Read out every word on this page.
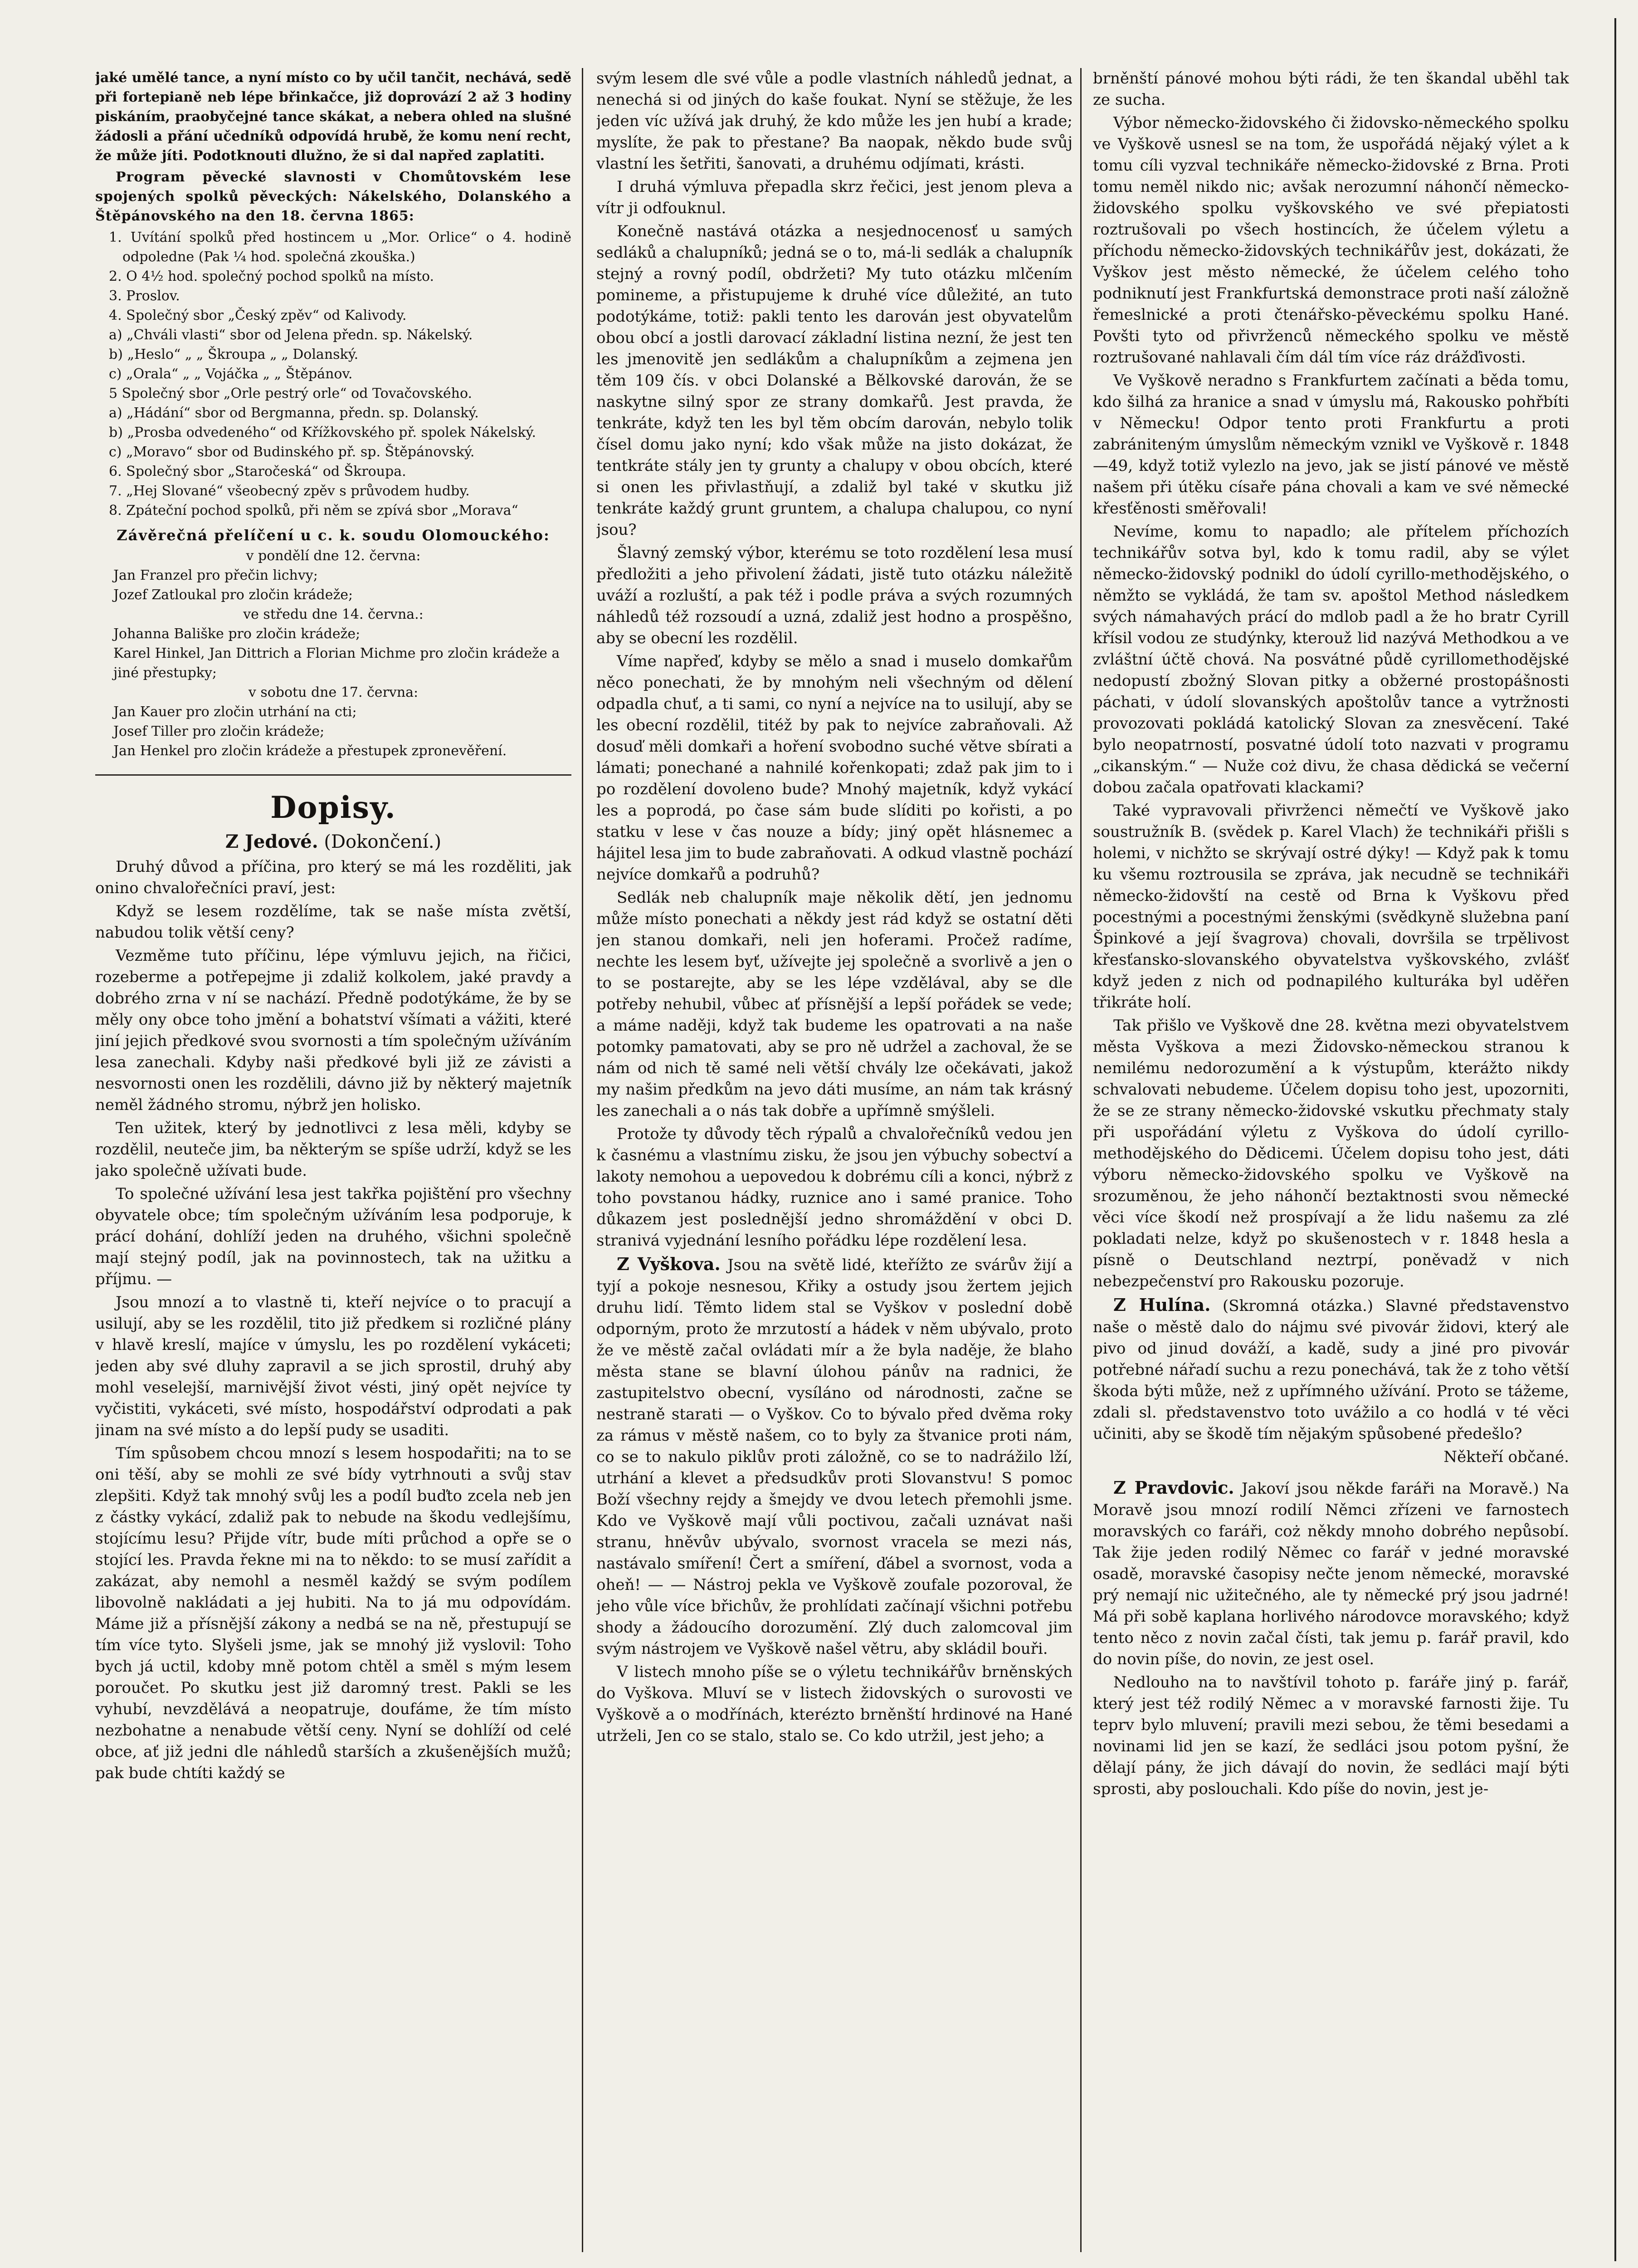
jaké umělé tance, a nyní místo co by učil tančit, nechává, sedě při fortepianě neb lépe břinkačce, již doprovází 2 až 3 hodiny piskáním, praobyčejné tance skákat, a nebera ohled na slušné žádosli a přání učedníků odpovídá hrubě, že komu není recht, že může jíti. Podotknouti dlužno, že si dal napřed zaplatiti.

Program pěvecké slavnosti v Chomůtovském lese spojených spolků pěveckých: Nákelského, Dolanského a Štěpánovského na den 18. června 1865:

1. Uvítání spolků před hostincem u „Mor. Orlice“ o 4. hodině odpoledne (Pak ¼ hod. společná zkouška.)
2. O 4½ hod. společný pochod spolků na místo.
3. Proslov.
4. Společný sbor „Český zpěv“ od Kalivody.
a) „Chváli vlasti“ sbor od Jelena předn. sp. Nákelský.
b) „Heslo“ „ „ Škroupa „ „ Dolanský.
c) „Orala“ „ „ Vojáčka „ „ Štěpánov.
5 Společný sbor „Orle pestrý orle“ od Tovačovského.
a) „Hádání“ sbor od Bergmanna, předn. sp. Dolanský.
b) „Prosba odvedeného“ od Křížkovského př. spolek Nákelský.
c) „Moravo“ sbor od Budinského př. sp. Štěpánovský.
6. Společný sbor „Staročeská“ od Škroupa.
7. „Hej Slované“ všeobecný zpěv s průvodem hudby.
8. Zpáteční pochod spolků, při něm se zpívá sbor „Morava“
Závěrečná přelíčení u c. k. soudu Olomouckého:
v pondělí dne 12. června:
Jan Franzel pro přečin lichvy;
Jozef Zatloukal pro zločin krádeže;
ve středu dne 14. června.:
Johanna Bališke pro zločin krádeže;
Karel Hinkel, Jan Dittrich a Florian Michme pro zločin krádeže a jiné přestupky;
v sobotu dne 17. června:
Jan Kauer pro zločin utrhání na cti;
Josef Tiller pro zločin krádeže;
Jan Henkel pro zločin krádeže a přestupek zpronevěření.
Dopisy.
Z Jedové. (Dokončení.)

Druhý důvod a příčina, pro který se má les rozděliti, jak onino chvalořečníci praví, jest:

Když se lesem rozdělíme, tak se naše místa zvětší, nabudou tolik větší ceny?

Vezměme tuto příčinu, lépe výmluvu jejich, na řičici, rozeberme a potřepejme ji zdaliž kolkolem, jaké pravdy a dobrého zrna v ní se nachází. Předně podotýkáme, že by se měly ony obce toho jmění a bohatství všímati a vážiti, které jiní jejich předkové svou svornosti a tím společným užíváním lesa zanechali. Kdyby naši předkové byli již ze závisti a nesvornosti onen les rozdělili, dávno již by některý majetník neměl žádného stromu, nýbrž jen holisko.

Ten užitek, který by jednotlivci z lesa měli, kdyby se rozdělil, neuteče jim, ba některým se spíše udrží, když se les jako společně užívati bude.

To společné užívání lesa jest takřka pojištění pro všechny obyvatele obce; tím společným užíváním lesa podporuje, k prácí dohání, dohlíží jeden na druhého, všichni společně mají stejný podíl, jak na povinnostech, tak na užitku a příjmu. —

Jsou mnozí a to vlastně ti, kteří nejvíce o to pracují a usilují, aby se les rozdělil, tito již předkem si rozličné plány v hlavě kreslí, majíce v úmyslu, les po rozdělení vykáceti; jeden aby své dluhy zapravil a se jich sprostil, druhý aby mohl veselejší, marnivější život vésti, jiný opět nejvíce ty vyčistiti, vykáceti, své místo, hospodářství odprodati a pak jinam na své místo a do lepší pudy se usaditi.

Tím spůsobem chcou mnozí s lesem hospodařiti; na to se oni těší, aby se mohli ze své bídy vytrhnouti a svůj stav zlepšiti. Když tak mnohý svůj les a podíl buďto zcela neb jen z částky vykácí, zdaliž pak to nebude na škodu vedlejšímu, stojícímu lesu? Přijde vítr, bude míti průchod a opře se o stojící les. Pravda řekne mi na to někdo: to se musí zařídit a zakázat, aby nemohl a nesměl každý se svým podílem libovolně nakládati a jej hubiti. Na to já mu odpovídám. Máme již a přísnější zákony a nedbá se na ně, přestupují se tím více tyto. Slyšeli jsme, jak se mnohý již vyslovil: Toho bych já uctil, kdoby mně potom chtěl a směl s mým lesem poroučet. Po skutku jest již daromný trest. Pakli se les vyhubí, nevzdělává a neopatruje, doufáme, že tím místo nezbohatne a nenabude větší ceny. Nyní se dohlíží od celé obce, ať již jedni dle náhledů starších a zkušenějších mužů; pak bude chtíti každý se

svým lesem dle své vůle a podle vlastních náhledů jednat, a nenechá si od jiných do kaše foukat. Nyní se stěžuje, že les jeden víc užívá jak druhý, že kdo může les jen hubí a krade; myslíte, že pak to přestane? Ba naopak, někdo bude svůj vlastní les šetřiti, šanovati, a druhému odjímati, krásti.

I druhá výmluva přepadla skrz řečici, jest jenom pleva a vítr ji odfouknul.

Konečně nastává otázka a nesjednocenosť u samých sedláků a chalupníků; jedná se o to, má-li sedlák a chalupník stejný a rovný podíl, obdržeti? My tuto otázku mlčením pomineme, a přistupujeme k druhé více důležité, an tuto podotýkáme, totiž: pakli tento les darován jest obyvatelům obou obcí a jostli darovací základní listina nezní, že jest ten les jmenovitě jen sedlákům a chalupníkům a zejmena jen těm 109 čís. v obci Dolanské a Bělkovské darován, že se naskytne silný spor ze strany domkařů. Jest pravda, že tenkráte, když ten les byl těm obcím darován, nebylo tolik čísel domu jako nyní; kdo však může na jisto dokázat, že tentkráte stály jen ty grunty a chalupy v obou obcích, které si onen les přivlastňují, a zdaliž byl také v skutku již tenkráte každý grunt gruntem, a chalupa chalupou, co nyní jsou?

Šlavný zemský výbor, kterému se toto rozdělení lesa musí předložiti a jeho přivolení žádati, jistě tuto otázku náležitě uváží a rozluští, a pak též i podle práva a svých rozumných náhledů též rozsoudí a uzná, zdaliž jest hodno a prospěšno, aby se obecní les rozdělil.

Víme napřeď, kdyby se mělo a snad i muselo domkařům něco ponechati, že by mnohým neli všechným od dělení odpadla chuť, a ti sami, co nyní a nejvíce na to usilují, aby se les obecní rozdělil, titéž by pak to nejvíce zabraňovali. Až dosuď měli domkaři a hoření svobodno suché větve sbírati a lámati; ponechané a nahnilé kořenkopati; zdaž pak jim to i po rozdělení dovoleno bude? Mnohý majetník, když vykácí les a poprodá, po čase sám bude slíditi po kořisti, a po statku v lese v čas nouze a bídy; jiný opět hlásnemec a hájitel lesa jim to bude zabraňovati. A odkud vlastně pochází nejvíce domkařů a podruhů?

Sedlák neb chalupník maje několik dětí, jen jednomu může místo ponechati a někdy jest rád když se ostatní děti jen stanou domkaři, neli jen hoferami. Pročež radíme, nechte les lesem byť, užívejte jej společně a svorlivě a jen o to se postarejte, aby se les lépe vzdělával, aby se dle potřeby nehubil, vůbec ať přísnější a lepší pořádek se vede; a máme naději, když tak budeme les opatrovati a na naše potomky pamatovati, aby se pro ně udržel a zachoval, že se nám od nich tě samé neli větší chvály lze očekávati, jakož my našim předkům na jevo dáti musíme, an nám tak krásný les zanechali a o nás tak dobře a upřímně smýšleli.

Protože ty důvody těch rýpalů a chvalořečníků vedou jen k časnému a vlastnímu zisku, že jsou jen výbuchy sobectví a lakoty nemohou a uepovedou k dobrému cíli a konci, nýbrž z toho povstanou hádky, ruznice ano i samé pranice. Toho důkazem jest poslednější jedno shromáždění v obci D. stranivá vyjednání lesního pořádku lépe rozdělení lesa.

Z Vyškova. Jsou na světě lidé, kteřížto ze svárův žijí a tyjí a pokoje nesnesou, Křiky a ostudy jsou žertem jejich druhu lidí. Těmto lidem stal se Vyškov v poslední době odporným, proto že mrzutostí a hádek v něm ubývalo, proto že ve městě začal ovládati mír a že byla naděje, že blaho města stane se blavní úlohou pánův na radnici, že zastupitelstvo obecní, vysíláno od národnosti, začne se nestraně starati — o Vyškov. Co to bývalo před dvěma roky za rámus v městě našem, co to byly za štvanice proti nám, co se to nakulo piklův proti záložně, co se to nadrážilo lží, utrhání a klevet a předsudkův proti Slovanstvu! S pomoc Boží všechny rejdy a šmejdy ve dvou letech přemohli jsme. Kdo ve Vyškově mají vůli poctivou, začali uznávat naši stranu, hněvův ubývalo, svornost vracela se mezi nás, nastávalo smíření! Čert a smíření, ďábel a svornost, voda a oheň! — — Nástroj pekla ve Vyškově zoufale pozoroval, že jeho vůle více břichův, že prohlídati začínají všichni potřebu shody a žádoucího dorozumění. Zlý duch zalomcoval jim svým nástrojem ve Vyškově našel větru, aby skládil bouři.

V listech mnoho píše se o výletu technikářův brněnských do Vyškova. Mluví se v listech židovských o surovosti ve Vyškově a o modřínách, kterézto brněnští hrdinové na Hané utrželi, Jen co se stalo, stalo se. Co kdo utržil, jest jeho; a

brněnští pánové mohou býti rádi, že ten škandal uběhl tak ze sucha.

Výbor německo-židovského či židovsko-německého spolku ve Vyškově usnesl se na tom, že uspořádá nějaký výlet a k tomu cíli vyzval technikáře německo-židovské z Brna. Proti tomu neměl nikdo nic; avšak nerozumní náhončí německo-židovského spolku vyškovského ve své přepiatosti roztrušovali po všech hostincích, že účelem výletu a příchodu německo-židovských technikářův jest, dokázati, že Vyškov jest město německé, že účelem celého toho podniknutí jest Frankfurtská demonstrace proti naší záložně řemeslnické a proti čtenářsko-pěveckému spolku Hané. Povšti tyto od přivrženců německého spolku ve městě roztrušované nahlavali čím dál tím více ráz drážďivosti.

Ve Vyškově neradno s Frankfurtem začínati a běda tomu, kdo šilhá za hranice a snad v úmyslu má, Rakousko pohřbíti v Německu! Odpor tento proti Frankfurtu a proti zabrániteným úmyslům německým vznikl ve Vyškově r. 1848—49, když totiž vylezlo na jevo, jak se jistí pánové ve městě našem při útěku císaře pána chovali a kam ve své německé křesťěnosti směřovali!

Nevíme, komu to napadlo; ale přítelem příchozích technikářův sotva byl, kdo k tomu radil, aby se výlet německo-židovský podnikl do údolí cyrillo-methodějského, o němžto se vykládá, že tam sv. apoštol Method následkem svých námahavých prácí do mdlob padl a že ho bratr Cyrill křísil vodou ze studýnky, kterouž lid nazývá Methodkou a ve zvláštní účtě chová. Na posvátné půdě cyrillomethodějské nedopustí zbožný Slovan pitky a obžerné prostopášnosti páchati, v údolí slovanských apoštolův tance a vytržnosti provozovati pokládá katolický Slovan za znesvěcení. Také bylo neopatrností, posvatné údolí toto nazvati v programu „cikanským.“ — Nuže coż divu, že chasa dědická se večerní dobou začala opatřovati klackami?

Také vypravovali přivrženci němečtí ve Vyškově jako soustružník B. (svědek p. Karel Vlach) že technikáři přišli s holemi, v nichžto se skrývají ostré dýky! — Když pak k tomu ku všemu roztrousila se zpráva, jak necudně se technikáři německo-židovští na cestě od Brna k Vyškovu před pocestnými a pocestnými ženskými (svědkyně služebna paní Špinkové a její švagrova) chovali, dovršila se trpělivost křesťansko-slovanského obyvatelstva vyškovského, zvlášť když jeden z nich od podnapilého kulturáka byl uděřen třikráte holí.

Tak přišlo ve Vyškově dne 28. května mezi obyvatelstvem města Vyškova a mezi Židovsko-německou stranou k nemilému nedorozumění a k výstupům, kterážto nikdy schvalovati nebudeme. Účelem dopisu toho jest, upozorniti, že se ze strany německo-židovské vskutku přechmaty staly při uspořádání výletu z Vyškova do údolí cyrillo-methodějského do Dědicemi. Účelem dopisu toho jest, dáti výboru německo-židovského spolku ve Vyškově na srozuměnou, že jeho náhončí beztaktnosti svou německé věci více škodí než prospívají a že lidu našemu za zlé pokladati nelze, když po skušenostech v r. 1848 hesla a písně o Deutschland neztrpí, poněvadž v nich nebezpečenství pro Rakousku pozoruje.

Z Hulína. (Skromná otázka.) Slavné představenstvo naše o městě dalo do nájmu své pivovár židovi, který ale pivo od jinud dováží, a kadě, sudy a jiné pro pivovár potřebné nářadí suchu a rezu ponechává, tak že z toho větší škoda býti může, než z upřímného užívání. Proto se tážeme, zdali sl. představenstvo toto uvážilo a co hodlá v té věci učiniti, aby se škodě tím nějakým spůsobené předešlo?

Někteří občané.

Z Pravdovic. Jakoví jsou někde faráři na Moravě.) Na Moravě jsou mnozí rodilí Němci zřízeni ve farnostech moravských co faráři, coż někdy mnoho dobrého nepůsobí. Tak žije jeden rodilý Němec co farář v jedné moravské osadě, moravské časopisy nečte jenom německé, moravské prý nemají nic užitečného, ale ty německé prý jsou jadrné! Má při sobě kaplana horlivého národovce moravského; když tento něco z novin začal čísti, tak jemu p. farář pravil, kdo do novin píše, do novin, ze jest osel.

Nedlouho na to navštívil tohoto p. faráře jiný p. farář, který jest též rodilý Němec a v moravské farnosti žije. Tu teprv bylo mluvení; pravili mezi sebou, že těmi besedami a novinami lid jen se kazí, že sedláci jsou potom pyšní, že dělají pány, že jich dávají do novin, že sedláci mají býti sprosti, aby poslouchali. Kdo píše do novin, jest je-
